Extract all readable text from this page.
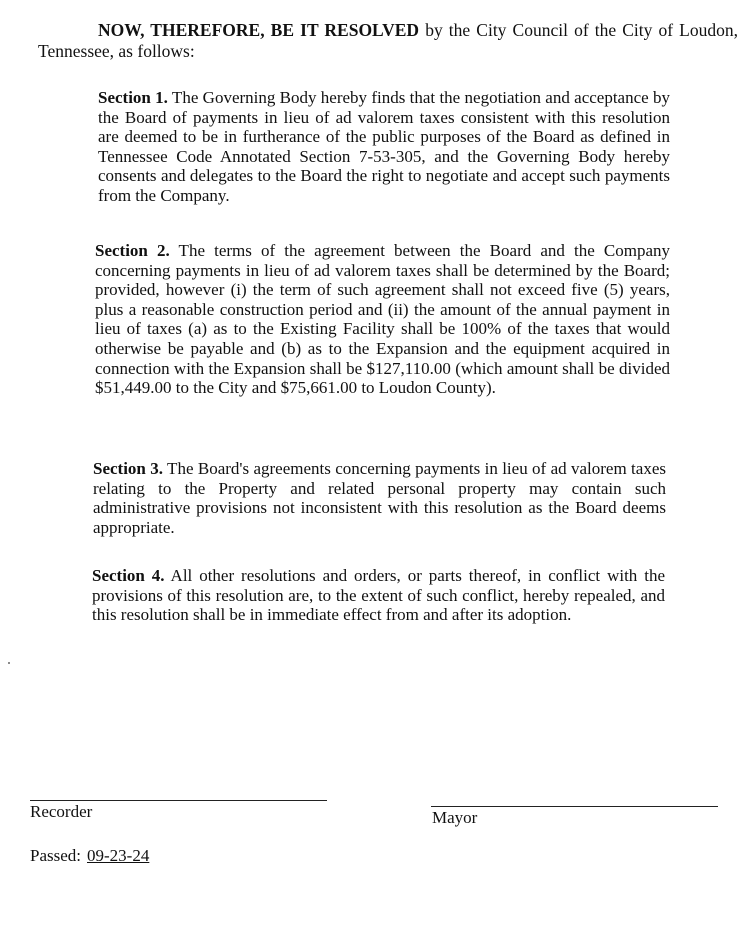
NOW, THEREFORE, BE IT RESOLVED by the City Council of the City of Loudon, Tennessee, as follows:

Section 1. The Governing Body hereby finds that the negotiation and acceptance by the Board of payments in lieu of ad valorem taxes consistent with this resolution are deemed to be in furtherance of the public purposes of the Board as defined in Tennessee Code Annotated Section 7-53-305, and the Governing Body hereby consents and delegates to the Board the right to negotiate and accept such payments from the Company.

Section 2. The terms of the agreement between the Board and the Company concerning payments in lieu of ad valorem taxes shall be determined by the Board; provided, however (i) the term of such agreement shall not exceed five (5) years, plus a reasonable construction period and (ii) the amount of the annual payment in lieu of taxes (a) as to the Existing Facility shall be 100% of the taxes that would otherwise be payable and (b) as to the Expansion and the equipment acquired in connection with the Expansion shall be $127,110.00 (which amount shall be divided $51,449.00 to the City and $75,661.00 to Loudon County).

Section 3. The Board's agreements concerning payments in lieu of ad valorem taxes relating to the Property and related personal property may contain such administrative provisions not inconsistent with this resolution as the Board deems appropriate.

Section 4. All other resolutions and orders, or parts thereof, in conflict with the provisions of this resolution are, to the extent of such conflict, hereby repealed, and this resolution shall be in immediate effect from and after its adoption.

Recorder	Mayor

Passed: 09-23-24
